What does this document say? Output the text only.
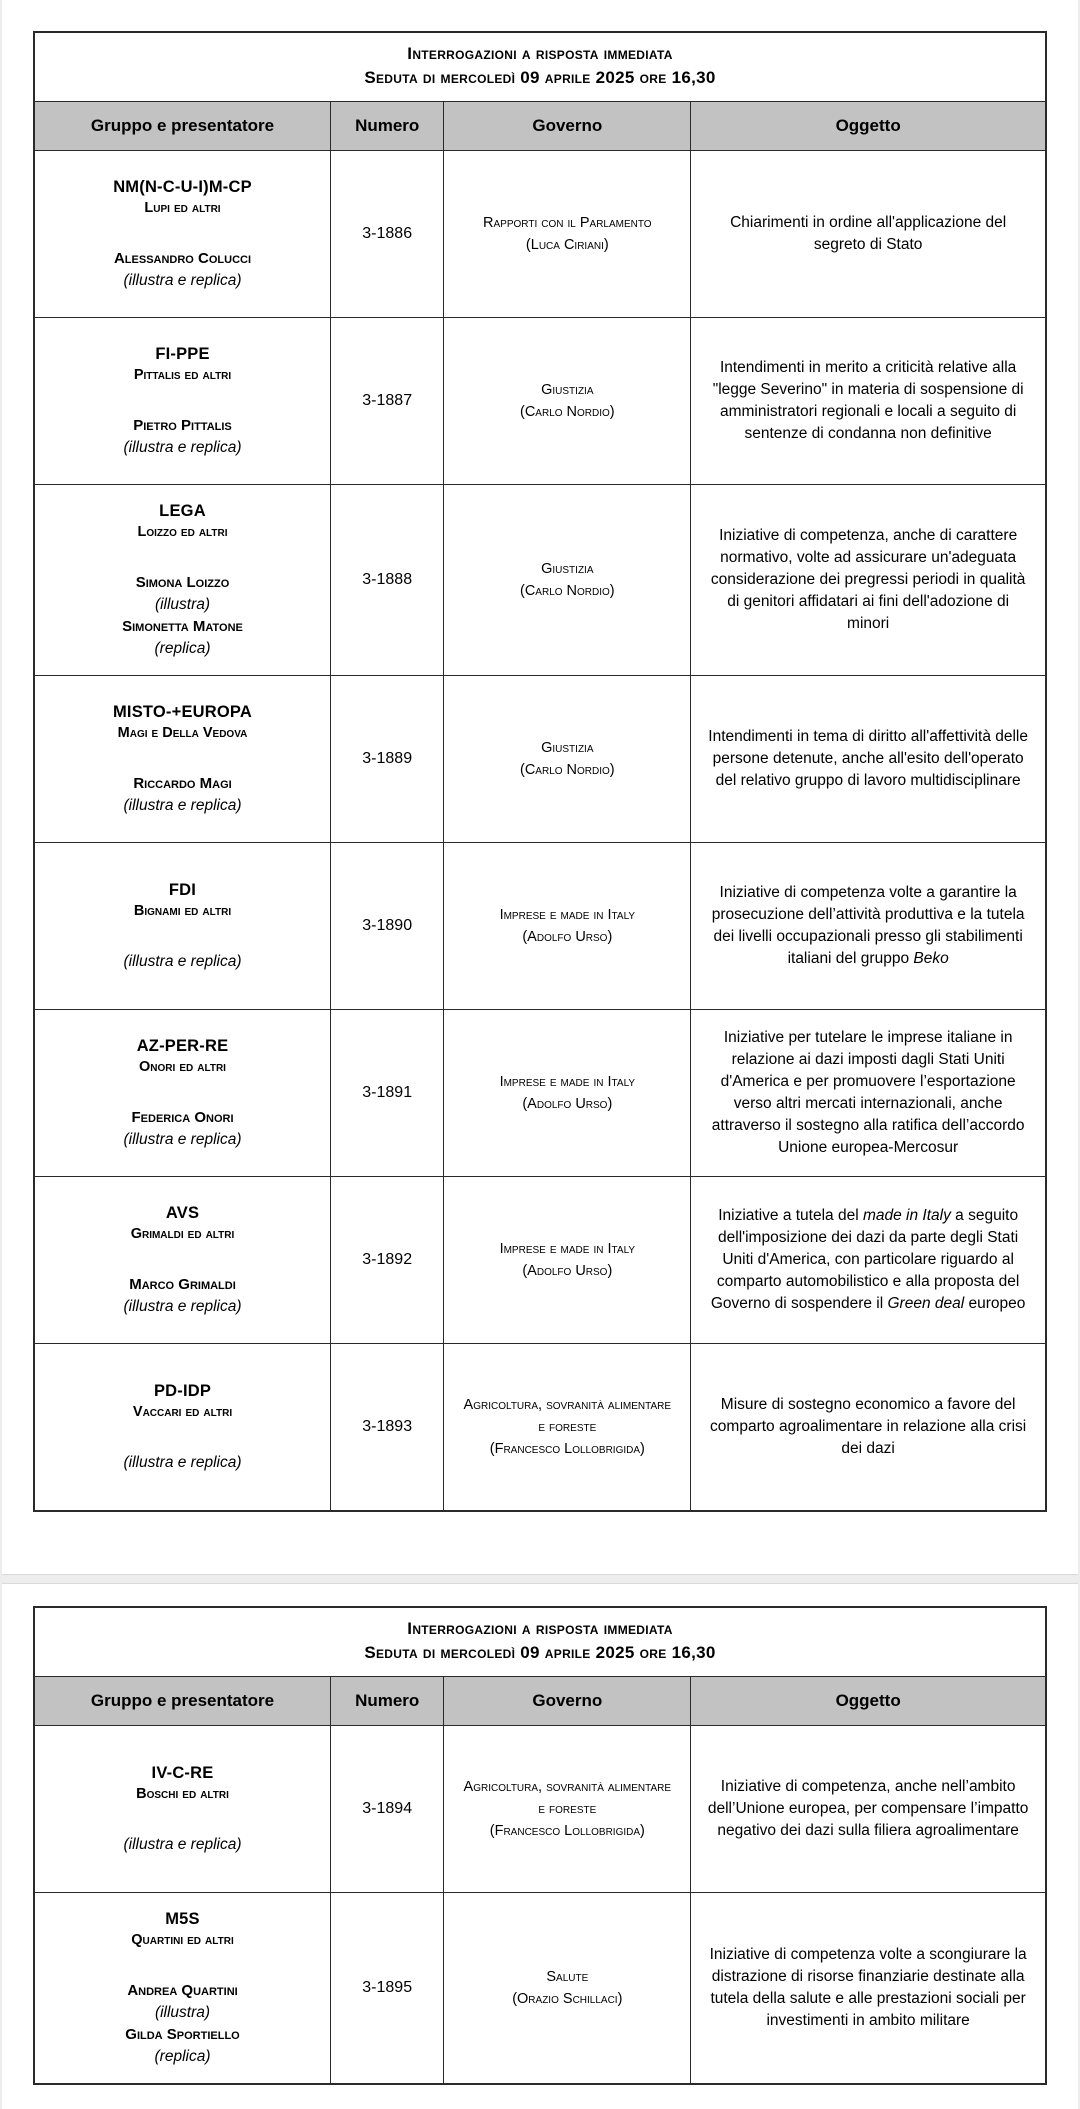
Interrogazioni a risposta immediata
Seduta di mercoledì 09 aprile 2025 ore 16,30			

Gruppo e presentatore	Numero	Governo	Oggetto

NM(N-C-U-I)M-CP
Lupi ed altri
Alessandro Colucci
(illustra e replica)
	3-1886	
Rapporti con il Parlamento
(Luca Ciriani)
	Chiarimenti in ordine all'applicazione del segreto di Stato

FI-PPE
Pittalis ed altri
Pietro Pittalis
(illustra e replica)
	3-1887	
Giustizia
(Carlo Nordio)
	Intendimenti in merito a criticità relative alla "legge Severino" in materia di sospensione di amministratori regionali e locali a seguito di sentenze di condanna non definitive

LEGA
Loizzo ed altri
Simona Loizzo
(illustra)
Simonetta Matone
(replica)
	3-1888	
Giustizia
(Carlo Nordio)
	Iniziative di competenza, anche di carattere normativo, volte ad assicurare un'adeguata considerazione dei pregressi periodi in qualità di genitori affidatari ai fini dell'adozione di minori

MISTO-+EUROPA
Magi e Della Vedova
Riccardo Magi
(illustra e replica)
	3-1889	
Giustizia
(Carlo Nordio)
	Intendimenti in tema di diritto all'affettività delle persone detenute, anche all'esito dell'operato del relativo gruppo di lavoro multidisciplinare

FDI
Bignami ed altri
(illustra e replica)
	3-1890	
Imprese e made in Italy
(Adolfo Urso)
	Iniziative di competenza volte a garantire la prosecuzione dell’attività produttiva e la tutela dei livelli occupazionali presso gli stabilimenti italiani del gruppo Beko

AZ-PER-RE
Onori ed altri
Federica Onori
(illustra e replica)
	3-1891	
Imprese e made in Italy
(Adolfo Urso)
	Iniziative per tutelare le imprese italiane in relazione ai dazi imposti dagli Stati Uniti d'America e per promuovere l’esportazione verso altri mercati internazionali, anche attraverso il sostegno alla ratifica dell’accordo Unione europea-Mercosur

AVS
Grimaldi ed altri
Marco Grimaldi
(illustra e replica)
	3-1892	
Imprese e made in Italy
(Adolfo Urso)
	Iniziative a tutela del made in Italy a seguito dell'imposizione dei dazi da parte degli Stati Uniti d'America, con particolare riguardo al comparto automobilistico e alla proposta del Governo di sospendere il Green deal europeo

PD-IDP
Vaccari ed altri
(illustra e replica)
	3-1893	
Agricoltura, sovranità alimentare e foreste
(Francesco Lollobrigida)
	Misure di sostegno economico a favore del comparto agroalimentare in relazione alla crisi dei dazi
Interrogazioni a risposta immediata
Seduta di mercoledì 09 aprile 2025 ore 16,30			

Gruppo e presentatore	Numero	Governo	Oggetto

IV-C-RE
Boschi ed altri
(illustra e replica)
	3-1894	
Agricoltura, sovranità alimentare e foreste
(Francesco Lollobrigida)
	Iniziative di competenza, anche nell’ambito dell’Unione europea, per compensare l’impatto negativo dei dazi sulla filiera agroalimentare

M5S
Quartini ed altri
Andrea Quartini
(illustra)
Gilda Sportiello
(replica)
	3-1895	
Salute
(Orazio Schillaci)
	Iniziative di competenza volte a scongiurare la distrazione di risorse finanziarie destinate alla tutela della salute e alle prestazioni sociali per investimenti in ambito militare
